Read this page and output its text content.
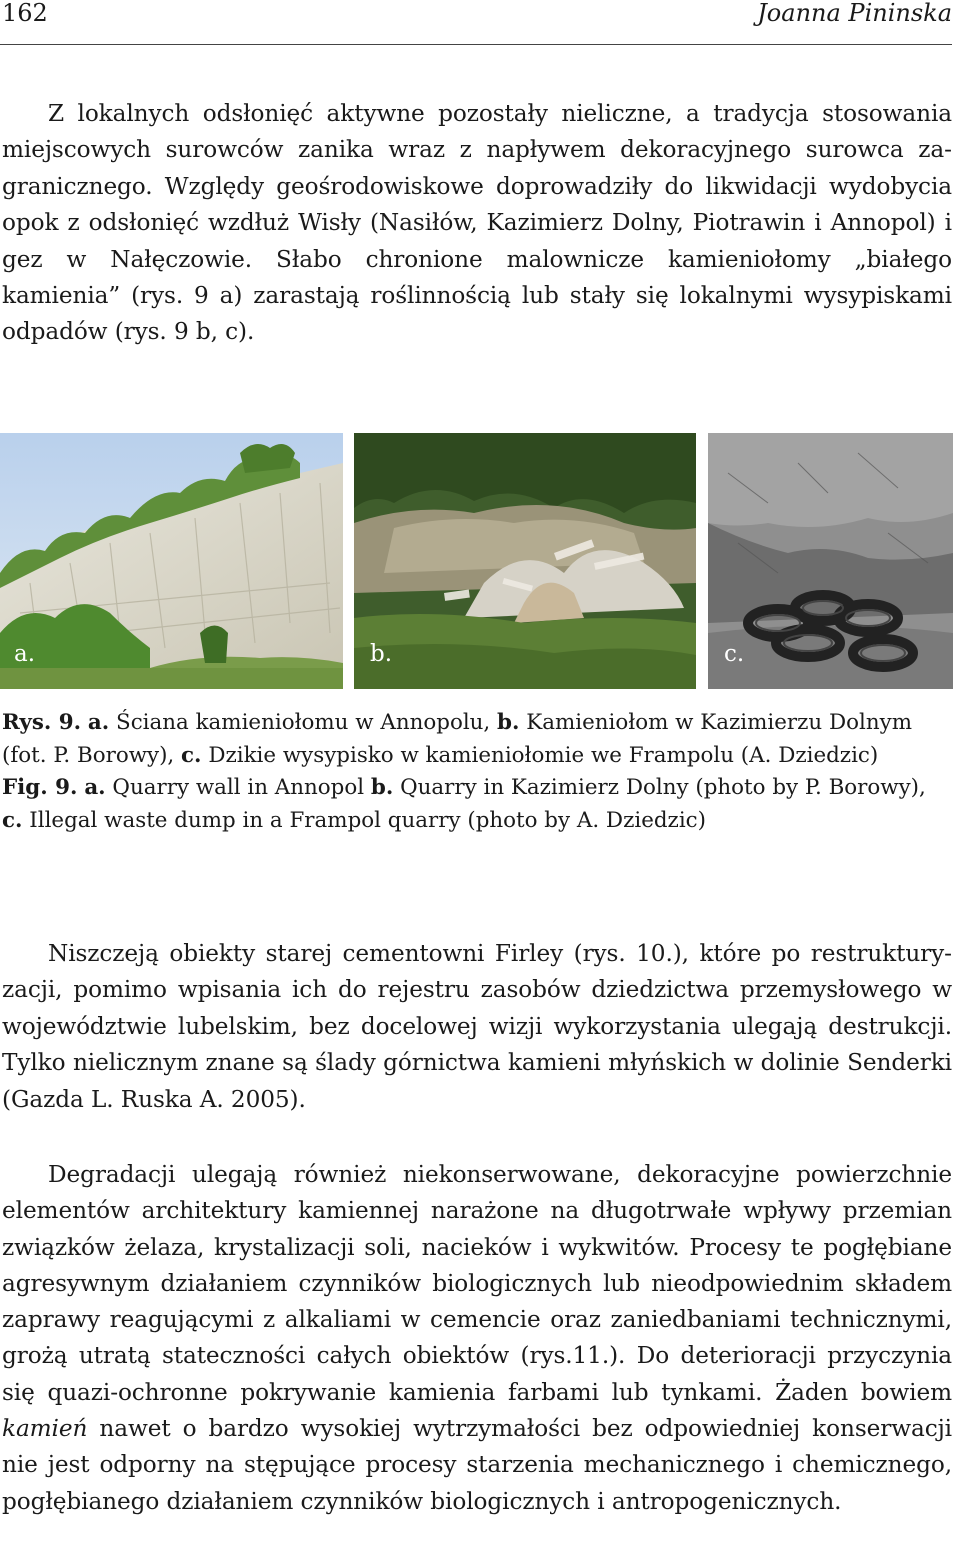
162	Joanna Pininska

Z lokalnych odsłonięć aktywne pozostały nieliczne, a tradycja stosowania miejscowych surowców zanika wraz z napływem dekoracyjnego surowca zagranicznego. Względy geośrodowiskowe doprowadziły do likwidacji wydobycia opok z odsłonięć wzdłuż Wisły (Nasiłów, Kazimierz Dolny, Piotrawin i Annopol) i gez w Nałęczowie. Słabo chronione malownicze kamieniołomy „białego kamienia” (rys. 9 a) zarastają roślinnością lub stały się lokalnymi wysypiskami odpadów (rys. 9 b, c).

a.	b.	c.

Rys. 9. a. Ściana kamieniołomu w Annopolu, b. Kamieniołom w Kazimierzu Dolnym (fot. P. Borowy), c. Dzikie wysypisko w kamieniołomie we Frampolu (A. Dziedzic)

Fig. 9. a. Quarry wall in Annopol b. Quarry in Kazimierz Dolny (photo by P. Borowy), c. Illegal waste dump in a Frampol quarry (photo by A. Dziedzic)

Niszczeją obiekty starej cementowni Firley (rys. 10.), które po restrukturyzacji, pomimo wpisania ich do rejestru zasobów dziedzictwa przemysłowego w województwie lubelskim, bez docelowej wizji wykorzystania ulegają destrukcji. Tylko nielicznym znane są ślady górnictwa kamieni młyńskich w dolinie Senderki (Gazda L. Ruska A. 2005).

Degradacji ulegają również niekonserwowane, dekoracyjne powierzchnie elementów architektury kamiennej narażone na długotrwałe wpływy przemian związków żelaza, krystalizacji soli, nacieków i wykwitów. Procesy te pogłębiane agresywnym działaniem czynników biologicznych lub nieodpowiednim składem zaprawy reagującymi z alkaliami w cemencie oraz zaniedbaniami technicznymi, grożą utratą stateczności całych obiektów (rys.11.). Do deterioracji przyczynia się quazi-ochronne pokrywanie kamienia farbami lub tynkami. Żaden bowiem kamień nawet o bardzo wysokiej wytrzymałości bez odpowiedniej konserwacji nie jest odporny na stępujące procesy starzenia mechanicznego i chemicznego, pogłębianego działaniem czynników biologicznych i antropogenicznych.
